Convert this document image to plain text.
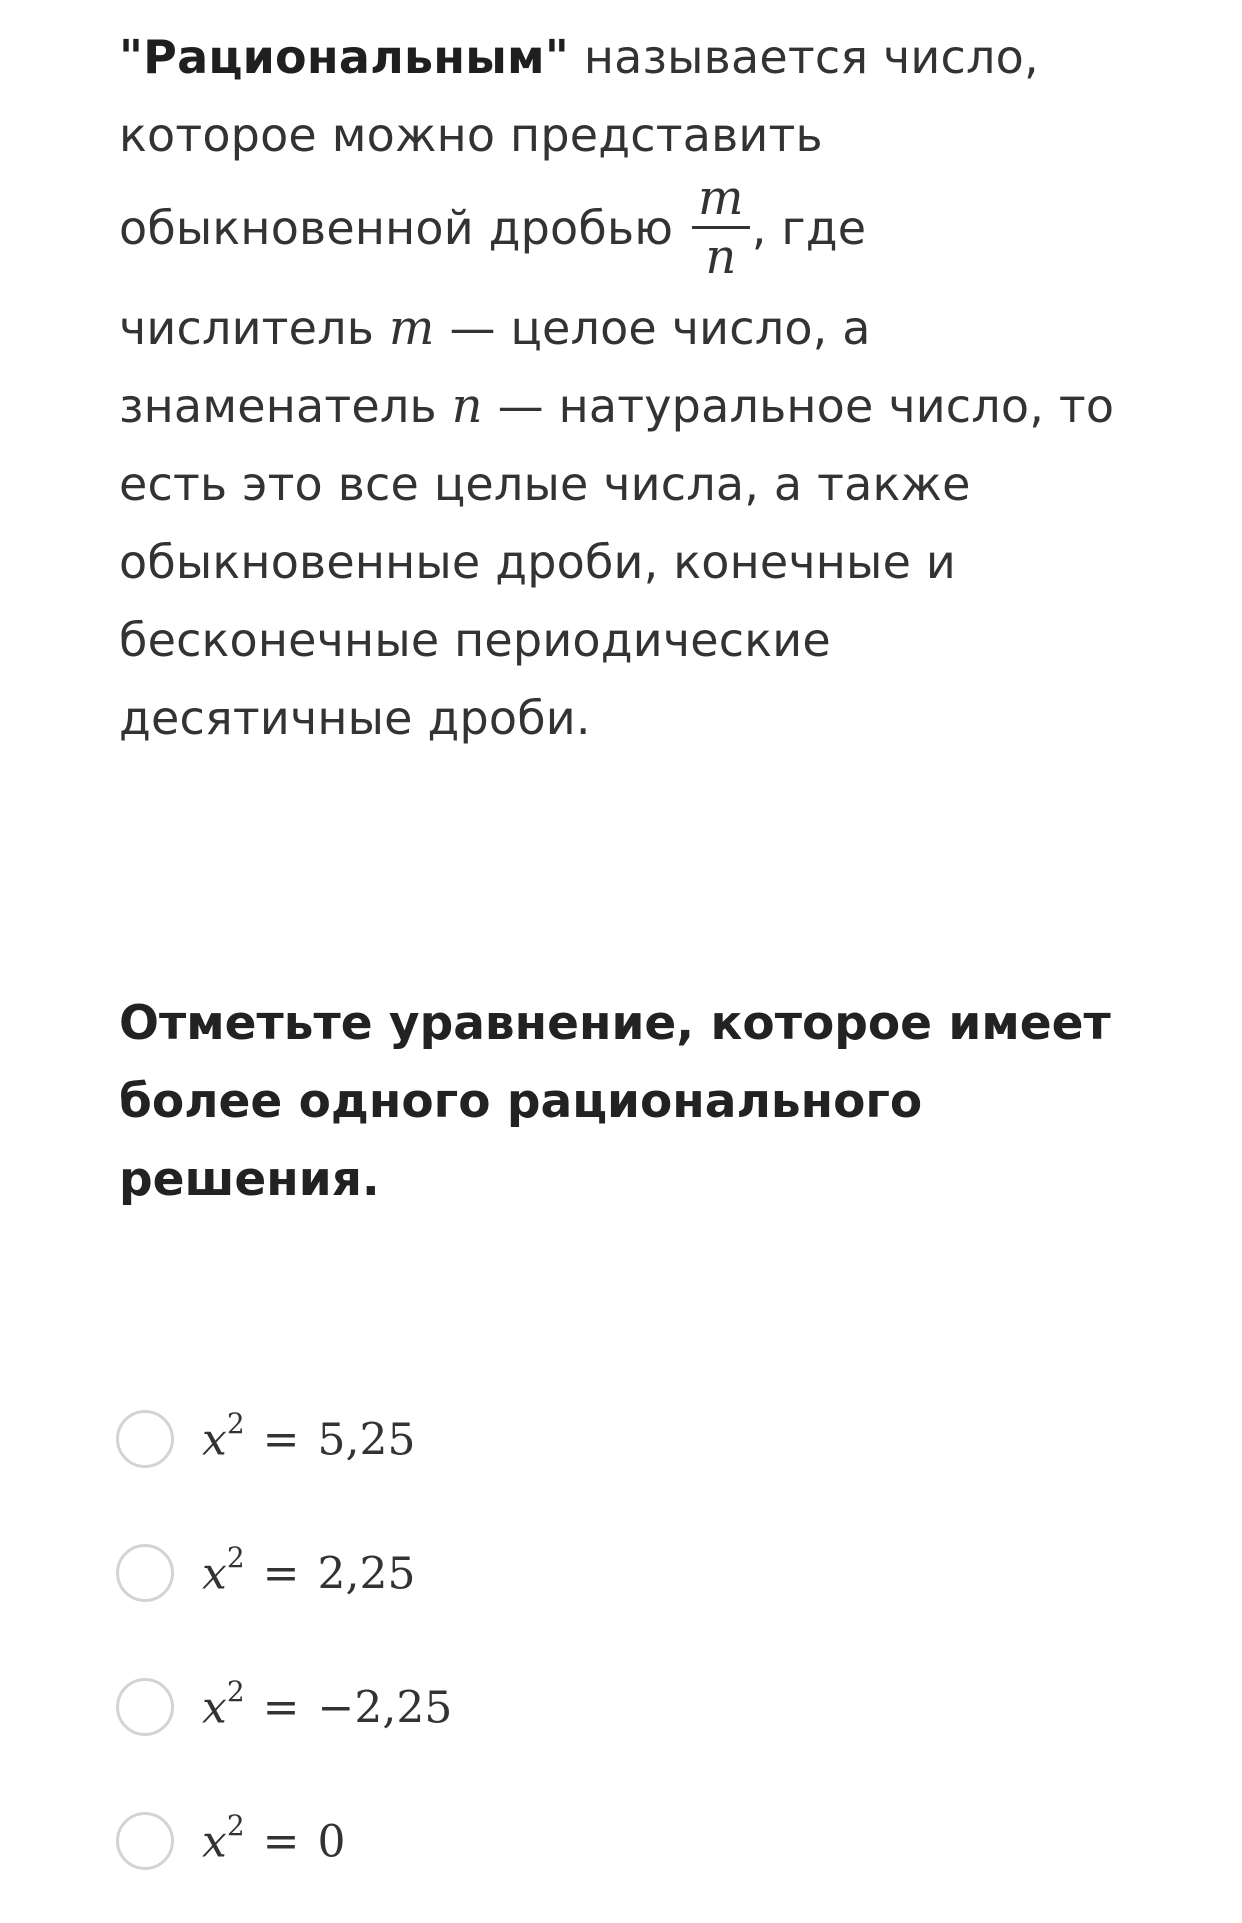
"Рациональным" называется число, которое можно представить обыкновенной дробью $\frac{m}{n}$ , где числитель m — целое число, а знаменатель n — натуральное число, то есть это все целые числа, а также обыкновенные дроби, конечные и бесконечные периодические десятичные дроби.

Отметьте уравнение, которое имеет более одного рационального решения.

$x^2 = 5,25$
$x^2 = 2,25$
$x^2 = -2,25$
$x^2 = 0$
